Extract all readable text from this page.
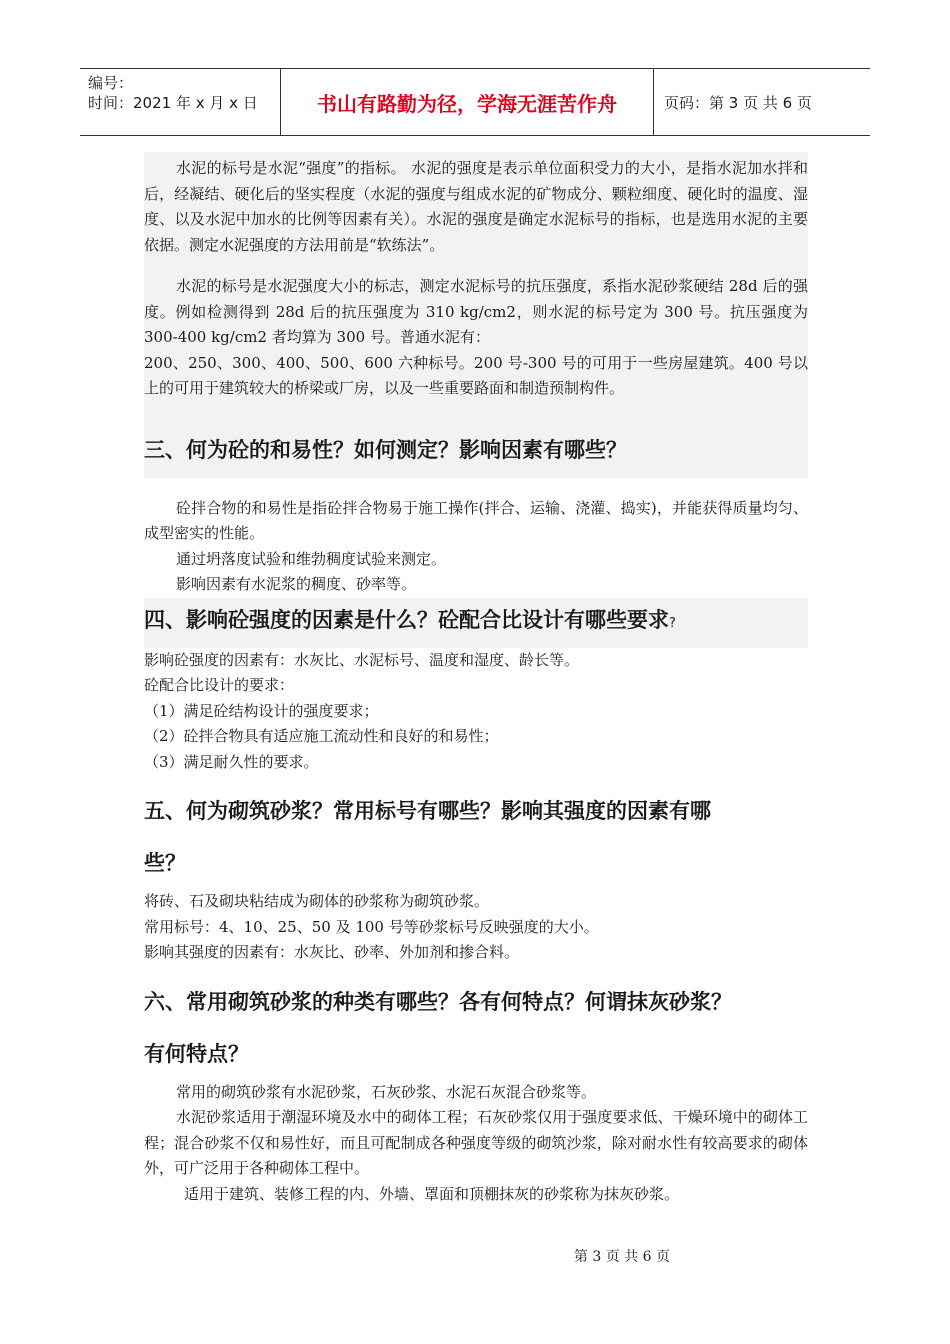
编号：
时间：2021 年 x 月 x 日	书山有路勤为径，学海无涯苦作舟	页码：第 3 页 共 6 页

水泥的标号是水泥“强度”的指标。 水泥的强度是表示单位面积受力的大小，是指水泥加水拌和后，经凝结、硬化后的坚实程度（水泥的强度与组成水泥的矿物成分、颗粒细度、硬化时的温度、湿度、以及水泥中加水的比例等因素有关）。水泥的强度是确定水泥标号的指标，也是选用水泥的主要依据。测定水泥强度的方法用前是“软练法”。

水泥的标号是水泥强度大小的标志，测定水泥标号的抗压强度，系指水泥砂浆硬结 28d 后的强度。例如检测得到 28d 后的抗压强度为 310 kg/cm2，则水泥的标号定为 300 号。抗压强度为 300-400 kg/cm2 者均算为 300 号。普通水泥有：

200、250、300、400、500、600 六种标号。200 号-300 号的可用于一些房屋建筑。400 号以上的可用于建筑较大的桥梁或厂房，以及一些重要路面和制造预制构件。

三、何为砼的和易性？如何测定？影响因素有哪些？

砼拌合物的和易性是指砼拌合物易于施工操作(拌合、运输、浇灌、捣实)，并能获得质量均匀、成型密实的性能。

通过坍落度试验和维勃稠度试验来测定。

影响因素有水泥浆的稠度、砂率等。

四、影响砼强度的因素是什么？砼配合比设计有哪些要求?

影响砼强度的因素有：水灰比、水泥标号、温度和湿度、龄长等。

砼配合比设计的要求：

（1）满足砼结构设计的强度要求；

（2）砼拌合物具有适应施工流动性和良好的和易性；

（3）满足耐久性的要求。

五、何为砌筑砂浆？常用标号有哪些？影响其强度的因素有哪
些？

将砖、石及砌块粘结成为砌体的砂浆称为砌筑砂浆。

常用标号：4、10、25、50 及 100 号等砂浆标号反映强度的大小。

影响其强度的因素有：水灰比、砂率、外加剂和掺合料。

六、常用砌筑砂浆的种类有哪些？各有何特点？何谓抹灰砂浆？
有何特点？

常用的砌筑砂浆有水泥砂浆，石灰砂浆、水泥石灰混合砂浆等。

水泥砂浆适用于潮湿环境及水中的砌体工程；石灰砂浆仅用于强度要求低、干燥环境中的砌体工程；混合砂浆不仅和易性好，而且可配制成各种强度等级的砌筑沙浆，除对耐水性有较高要求的砌体外，可广泛用于各种砌体工程中。

适用于建筑、装修工程的内、外墙、罩面和顶棚抹灰的砂浆称为抹灰砂浆。

第 3 页 共 6 页
